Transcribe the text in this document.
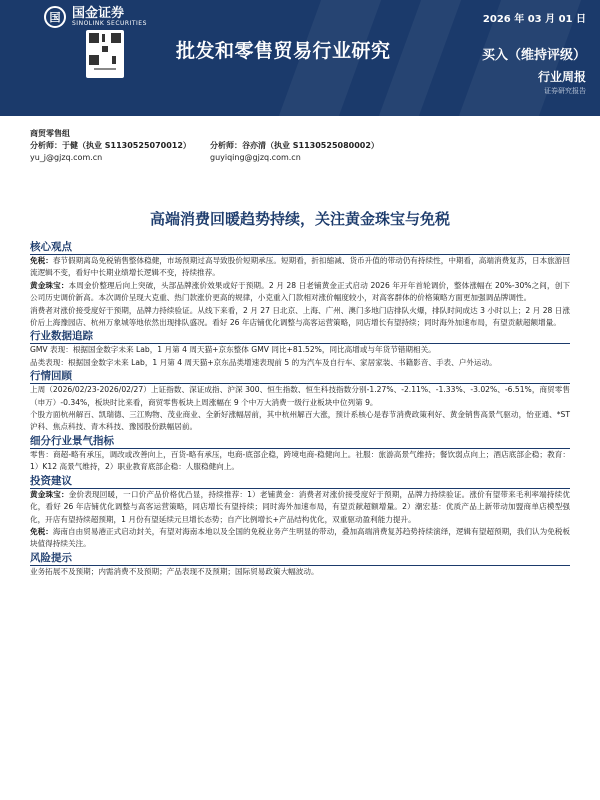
国 国金证券
SINOLINK SECURITIES	2026 年 03 月 01 日
批发和零售贸易行业研究	买入（维持评级）
行业周报
证券研究报告
商贸零售组
分析师：于健（执业 S1130525070012）	分析师：谷亦清（执业 S1130525080002）
yu_j@gjzq.com.cn	guyiqing@gjzq.com.cn
高端消费回暖趋势持续，关注黄金珠宝与免税
核心观点

免税：春节假期离岛免税销售整体稳健，市场预期过高导致股价短期承压。短期看，折扣缩减、货币升值的带动仍有持续性，中期看，高端消费复苏，日本旅游回流逻辑不变，看好中长期业绩增长逻辑不变，持续推荐。

黄金珠宝：本周金价整理后向上突破，头部品牌涨价效果或好于预期。2 月 28 日老铺黄金正式启动 2026 年开年首轮调价，整体涨幅在 20%-30%之间，创下公司历史调价新高。本次调价呈现大克重、热门款涨价更高的规律，小克重入门款相对涨价幅度较小，对高客群体的价格策略方面更加强调品牌调性。

消费者对涨价接受度好于预期，品牌力持续验证。从线下来看，2 月 27 日北京、上海、广州、澳门多地门店排队火爆，排队时间成达 3 小时以上；2 月 28 日涨价后上海豫园店、杭州万象城等地依然出现排队盛况。看好 26 年店铺优化调整与高客运营策略，同店增长有望持续；同时海外加速布局，有望贡献超额增量。

行业数据追踪

GMV 表现：根据国金数字未来 Lab，1 月第 4 周天猫+京东整体 GMV 同比+81.52%，同比高增或与年货节错期相关。

品类表现：根据国金数字未来 Lab，1 月第 4 周天猫+京东品类增速表现前 5 的为汽车及自行车、家居家装、书籍影音、手表、户外运动。

行情回顾

上周（2026/02/23-2026/02/27）上证指数、深证成指、沪深 300、恒生指数、恒生科技指数分别-1.27%、-2.11%、-1.33%、-3.02%、-6.51%，商贸零售（申万）-0.34%，板块时比来看，商贸零售板块上周涨幅在 9 个中万大消费一级行业板块中位列第 9。

个股方面杭州解百、凯瑞德、三江购物、茂业商业、全新好涨幅居前，其中杭州解百大涨，预计系核心是春节消费政策利好、黄金销售高景气驱动，怡亚通、*ST 沪科、焦点科技、青木科技、豫园股份跌幅居前。

细分行业景气指标

零售：商超-略有承压，调改或改善向上，百货-略有承压，电商-底部企稳，跨境电商-稳健向上。社服：旅游高景气维持；餐饮弱点向上；酒店底部企稳；教育：1）K12 高景气维持，2）职业教育底部企稳：人服稳健向上。

投资建议

黄金珠宝：金价表现回暖，一口价产品价格优凸显，持续推荐：1）老铺黄金：消费者对涨价接受度好于预期，品牌力持续验证。涨价有望带来毛利率端持续优化，看好 26 年店铺优化调整与高客运营策略，同店增长有望持续；同时海外加速布局，有望贡献超额增量。2）潮宏基：优质产品上新带动加盟商单店模型强化，开店有望持续超预期，1 月份有望延续元旦增长态势；自产比例增长+产品结构优化，双重驱动盈利能力提升。

免税：海南自由贸易港正式启动封关，有望对海南本地以及全国的免税业务产生明显的带动，叠加高端消费复苏趋势持续演绎，逻辑有望超预期，我们认为免税板块值得持续关注。

风险提示

业务拓展不及预期；内需消费不及预期；产品表现不及预期；国际贸易政策大幅波动。
